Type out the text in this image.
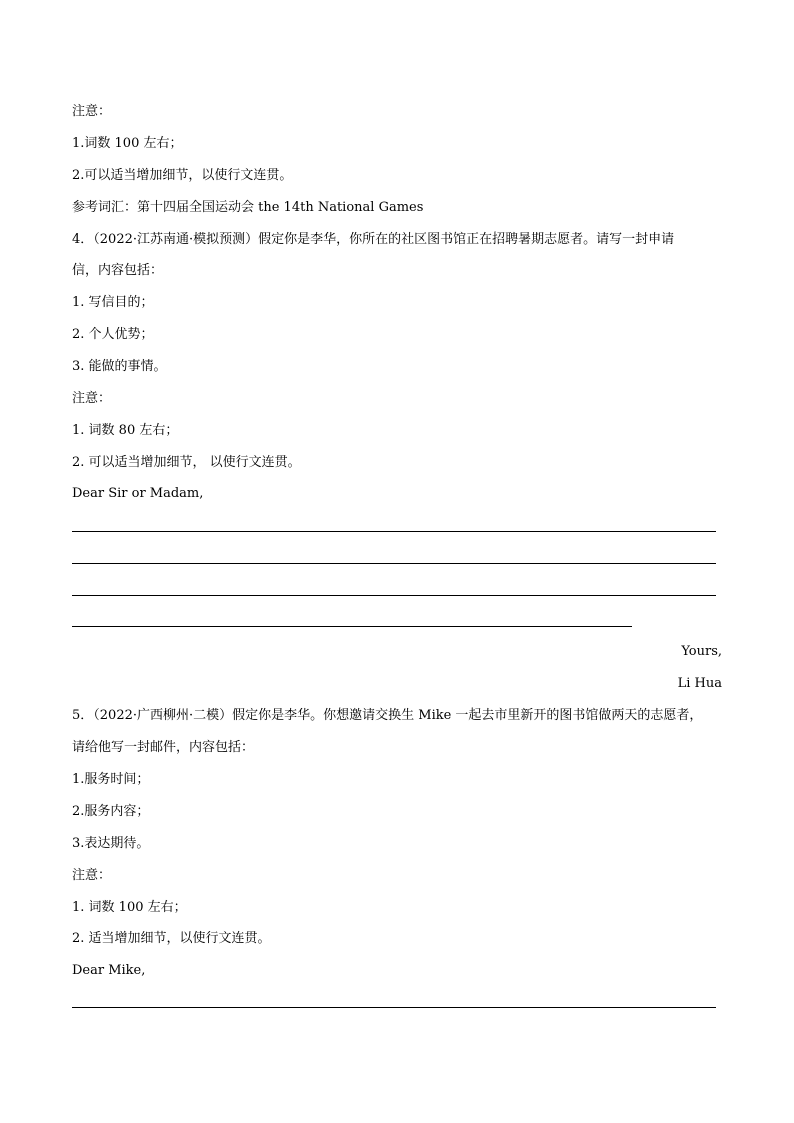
注意：
1.词数 100 左右；
2.可以适当增加细节，以使行文连贯。
参考词汇：第十四届全国运动会 the 14th National Games
4．（2022·江苏南通·模拟预测）假定你是李华，你所在的社区图书馆正在招聘暑期志愿者。请写一封申请
信，内容包括：
1. 写信目的；
2. 个人优势；
3. 能做的事情。
注意：
1. 词数 80 左右；
2. 可以适当增加细节， 以使行文连贯。
Dear Sir or Madam,
Yours,
Li Hua
5．（2022·广西柳州·二模）假定你是李华。你想邀请交换生 Mike 一起去市里新开的图书馆做两天的志愿者，
请给他写一封邮件，内容包括：
1.服务时间；
2.服务内容；
3.表达期待。
注意：
1. 词数 100 左右；
2. 适当增加细节，以使行文连贯。
Dear Mike,
